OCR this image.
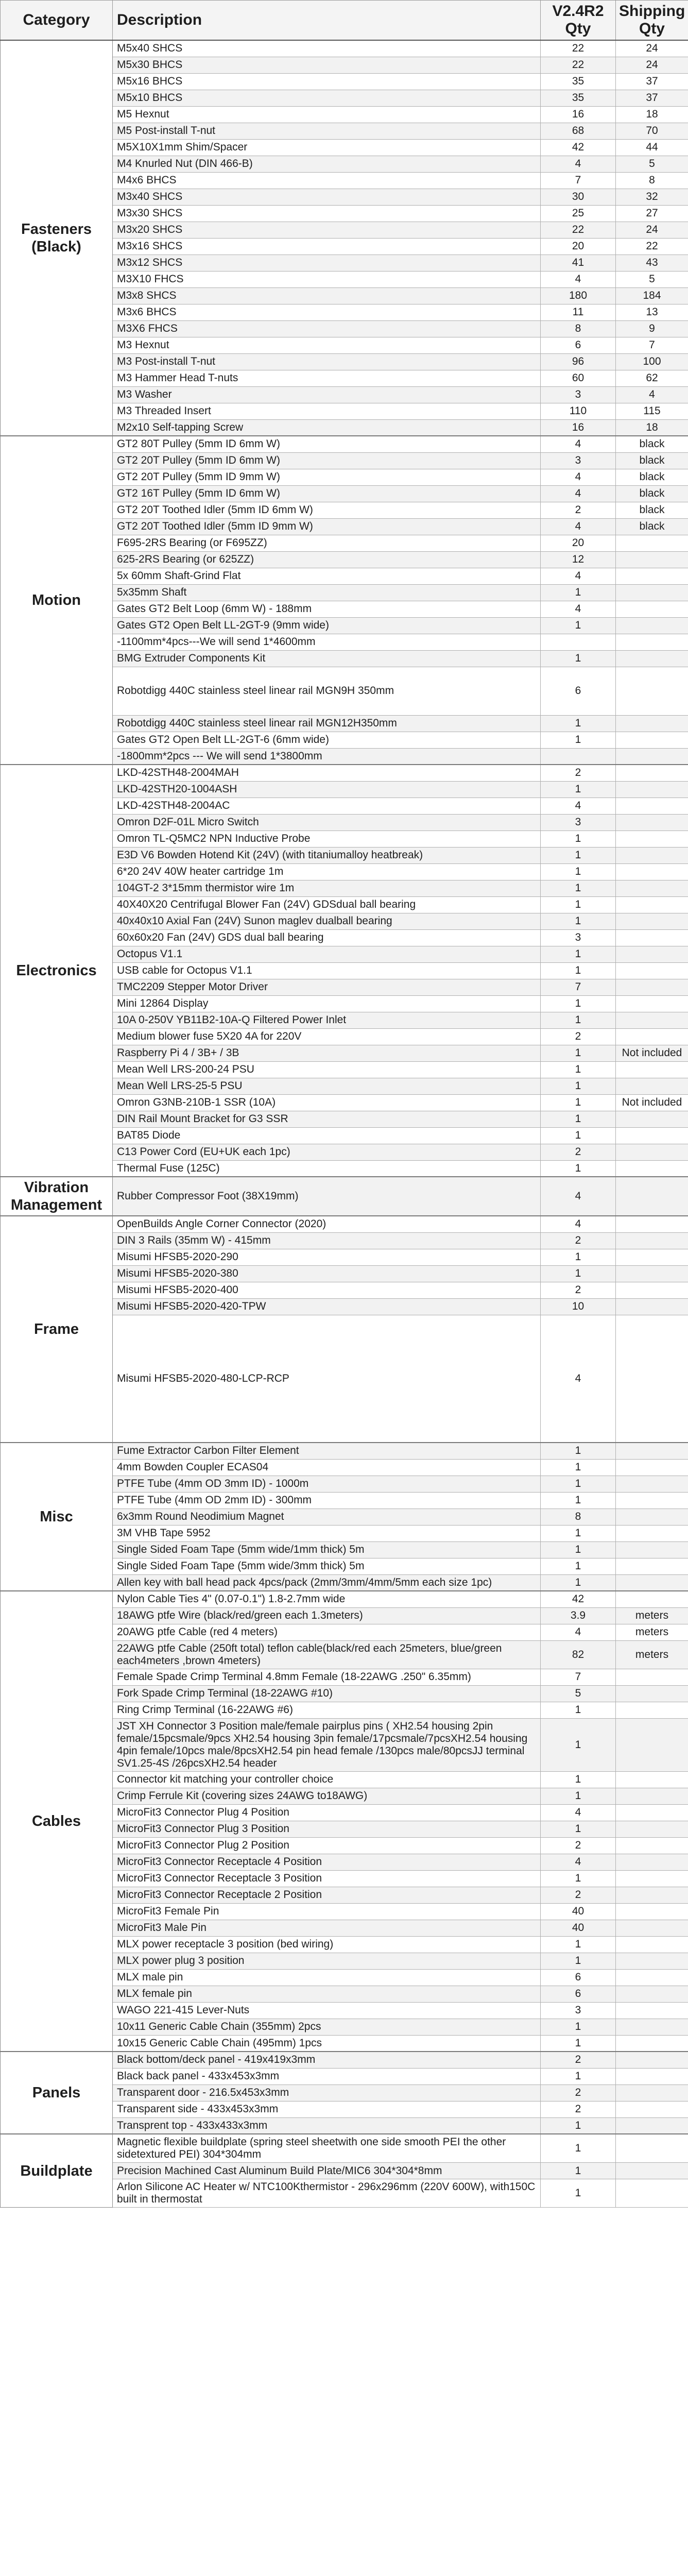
Category	Description	V2.4R2 Qty	Shipping Qty
Fasteners (Black)	M5x40 SHCS	22	24
	M5x30 BHCS	22	24
	M5x16 BHCS	35	37
	M5x10 BHCS	35	37
	M5 Hexnut	16	18
	M5 Post-install T-nut	68	70
	M5X10X1mm Shim/Spacer	42	44
	M4 Knurled Nut (DIN 466-B)	4	5
	M4x6 BHCS	7	8
	M3x40 SHCS	30	32
	M3x30 SHCS	25	27
	M3x20 SHCS	22	24
	M3x16 SHCS	20	22
	M3x12 SHCS	41	43
	M3X10 FHCS	4	5
	M3x8 SHCS	180	184
	M3x6 BHCS	11	13
	M3X6 FHCS	8	9
	M3 Hexnut	6	7
	M3 Post-install T-nut	96	100
	M3 Hammer Head T-nuts	60	62
	M3 Washer	3	4
	M3 Threaded Insert	110	115
	M2x10 Self-tapping Screw	16	18
Motion	GT2 80T Pulley (5mm ID 6mm W)	4	black
	GT2 20T Pulley (5mm ID 6mm W)	3	black
	GT2 20T Pulley (5mm ID 9mm W)	4	black
	GT2 16T Pulley (5mm ID 6mm W)	4	black
	GT2 20T Toothed Idler (5mm ID 6mm W)	2	black
	GT2 20T Toothed Idler (5mm ID 9mm W)	4	black
	F695-2RS Bearing (or F695ZZ)	20	
	625-2RS Bearing (or 625ZZ)	12	
	5x 60mm Shaft-Grind Flat	4	
	5x35mm Shaft	1	
	Gates GT2 Belt Loop (6mm W) - 188mm	4	
	Gates GT2 Open Belt LL-2GT-9 (9mm wide)	1	
	-1100mm*4pcs---We will send 1*4600mm		
	BMG Extruder Components Kit	1	
	Robotdigg 440C stainless steel linear rail MGN9H 350mm	6	
	Robotdigg 440C stainless steel linear rail MGN12H350mm	1	
	Gates GT2 Open Belt LL-2GT-6 (6mm wide)	1	
	-1800mm*2pcs --- We will send 1*3800mm		
Electronics	LKD-42STH48-2004MAH	2	
	LKD-42STH20-1004ASH	1	
	LKD-42STH48-2004AC	4	
	Omron D2F-01L Micro Switch	3	
	Omron TL-Q5MC2 NPN Inductive Probe	1	
	E3D V6 Bowden Hotend Kit (24V) (with titaniumalloy heatbreak)	1	
	6*20 24V 40W heater cartridge 1m	1	
	104GT-2 3*15mm thermistor wire 1m	1	
	40X40X20 Centrifugal Blower Fan (24V) GDSdual ball bearing	1	
	40x40x10 Axial Fan (24V) Sunon maglev dualball bearing	1	
	60x60x20 Fan (24V) GDS dual ball bearing	3	
	Octopus V1.1	1	
	USB cable for Octopus V1.1	1	
	TMC2209 Stepper Motor Driver	7	
	Mini 12864 Display	1	
	10A 0-250V YB11B2-10A-Q Filtered Power Inlet	1	
	Medium blower fuse 5X20 4A for 220V	2	
	Raspberry Pi 4 / 3B+ / 3B	1	Not included
	Mean Well LRS-200-24 PSU	1	
	Mean Well LRS-25-5 PSU	1	
	Omron G3NB-210B-1 SSR (10A)	1	Not included
	DIN Rail Mount Bracket for G3 SSR	1	
	BAT85 Diode	1	
	C13 Power Cord (EU+UK each 1pc)	2	
	Thermal Fuse (125C)	1	
Vibration Management	Rubber Compressor Foot (38X19mm)	4	
Frame	OpenBuilds Angle Corner Connector (2020)	4	
	DIN 3 Rails (35mm W) - 415mm	2	
	Misumi HFSB5-2020-290	1	
	Misumi HFSB5-2020-380	1	
	Misumi HFSB5-2020-400	2	
	Misumi HFSB5-2020-420-TPW	10	
	Misumi HFSB5-2020-480-LCP-RCP	4	
Misc	Fume Extractor Carbon Filter Element	1	
	4mm Bowden Coupler ECAS04	1	
	PTFE Tube (4mm OD 3mm ID) - 1000m	1	
	PTFE Tube (4mm OD 2mm ID) - 300mm	1	
	6x3mm Round Neodimium Magnet	8	
	3M VHB Tape 5952	1	
	Single Sided Foam Tape (5mm wide/1mm thick) 5m	1	
	Single Sided Foam Tape (5mm wide/3mm thick) 5m	1	
	Allen key with ball head pack 4pcs/pack (2mm/3mm/4mm/5mm each size 1pc)	1	
Cables	Nylon Cable Ties 4" (0.07-0.1") 1.8-2.7mm wide	42	
	18AWG ptfe Wire (black/red/green each 1.3meters)	3.9	meters
	20AWG ptfe Cable (red 4 meters)	4	meters
	22AWG ptfe Cable (250ft total) teflon cable(black/red each 25meters, blue/green each4meters ,brown 4meters)	82	meters
	Female Spade Crimp Terminal 4.8mm Female (18-22AWG .250" 6.35mm)	7	
	Fork Spade Crimp Terminal (18-22AWG #10)	5	
	Ring Crimp Terminal (16-22AWG #6)	1	
	JST XH Connector 3 Position male/female pairplus pins ( XH2.54 housing 2pin female/15pcsmale/9pcs XH2.54 housing 3pin female/17pcsmale/7pcsXH2.54 housing 4pin female/10pcs male/8pcsXH2.54 pin head female /130pcs male/80pcsJJ terminal SV1.25-4S /26pcsXH2.54 header	1	
	Connector kit matching your controller choice	1	
	Crimp Ferrule Kit (covering sizes 24AWG to18AWG)	1	
	MicroFit3 Connector Plug 4 Position	4	
	MicroFit3 Connector Plug 3 Position	1	
	MicroFit3 Connector Plug 2 Position	2	
	MicroFit3 Connector Receptacle 4 Position	4	
	MicroFit3 Connector Receptacle 3 Position	1	
	MicroFit3 Connector Receptacle 2 Position	2	
	MicroFit3 Female Pin	40	
	MicroFit3 Male Pin	40	
	MLX power receptacle 3 position (bed wiring)	1	
	MLX power plug 3 position	1	
	MLX male pin	6	
	MLX female pin	6	
	WAGO 221-415 Lever-Nuts	3	
	10x11 Generic Cable Chain (355mm) 2pcs	1	
	10x15 Generic Cable Chain (495mm) 1pcs	1	
Panels	Black bottom/deck panel - 419x419x3mm	2	
	Black back panel - 433x453x3mm	1	
	Transparent door - 216.5x453x3mm	2	
	Transparent side - 433x453x3mm	2	
	Transprent top - 433x433x3mm	1	
Buildplate	Magnetic flexible buildplate (spring steel sheetwith one side smooth PEI the other sidetextured PEI) 304*304mm	1	
	Precision Machined Cast Aluminum Build Plate/MIC6 304*304*8mm	1	
	Arlon Silicone AC Heater w/ NTC100Kthermistor - 296x296mm (220V 600W), with150C built in thermostat	1	
